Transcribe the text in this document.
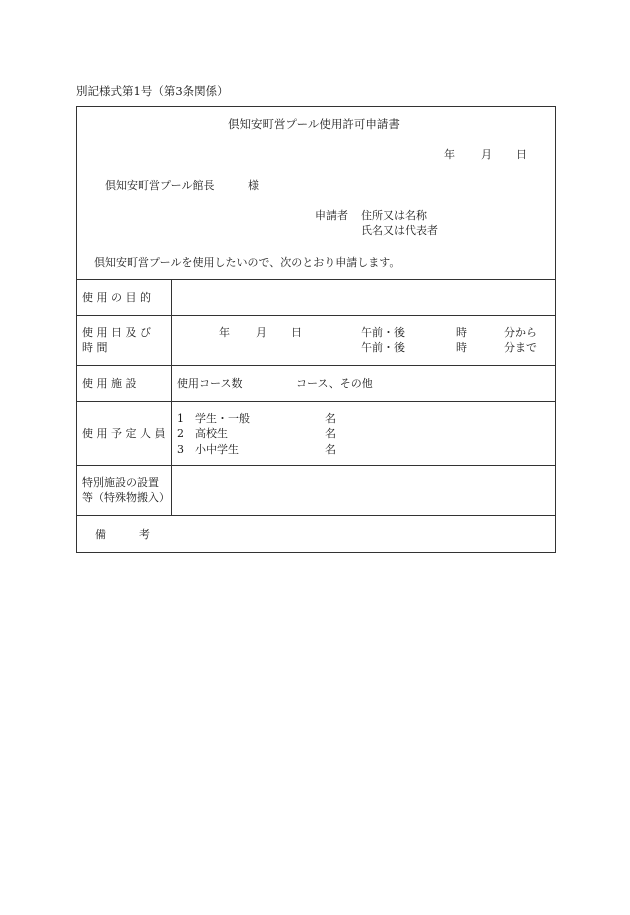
別記様式第1号（第3条関係）
倶知安町営プール使用許可申請書
年 月 日
倶知安町営プール館長	様
申請者 住所又は名称
氏名又は代表者
倶知安町営プールを使用したいので、次のとおり申請します。
使 用 の 目 的
使 用 日 及 び
時 間
年 月 日	午前・後	時	分から
午前・後	時	分まで
使 用 施 設	使用コース数	コース、その他
使 用 予 定 人 員
1 学生・一般	名
2 高校生	名
3 小中学生	名
特別施設の設置
等（特殊物搬入）
備　　　考
